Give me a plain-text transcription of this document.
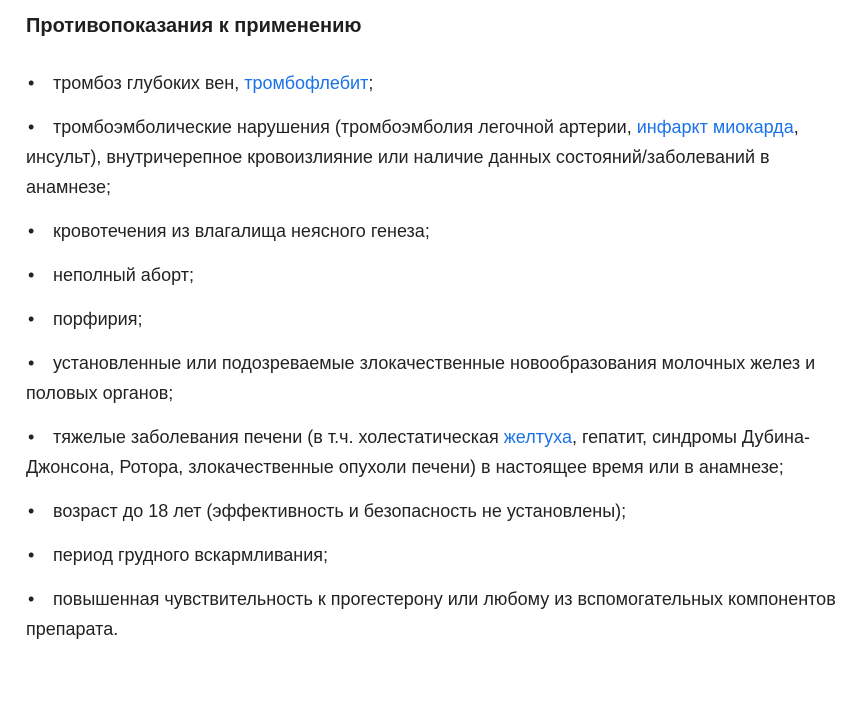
Противопоказания к применению
• тромбоз глубоких вен, тромбофлебит;
• тромбоэмболические нарушения (тромбоэмболия легочной артерии, инфаркт миокарда, инсульт), внутричерепное кровоизлияние или наличие данных состояний/заболеваний в анамнезе;
• кровотечения из влагалища неясного генеза;
• неполный аборт;
• порфирия;
• установленные или подозреваемые злокачественные новообразования молочных желез и половых органов;
• тяжелые заболевания печени (в т.ч. холестатическая желтуха, гепатит, синдромы Дубина-Джонсона, Ротора, злокачественные опухоли печени) в настоящее время или в анамнезе;
• возраст до 18 лет (эффективность и безопасность не установлены);
• период грудного вскармливания;
• повышенная чувствительность к прогестерону или любому из вспомогательных компонентов препарата.
